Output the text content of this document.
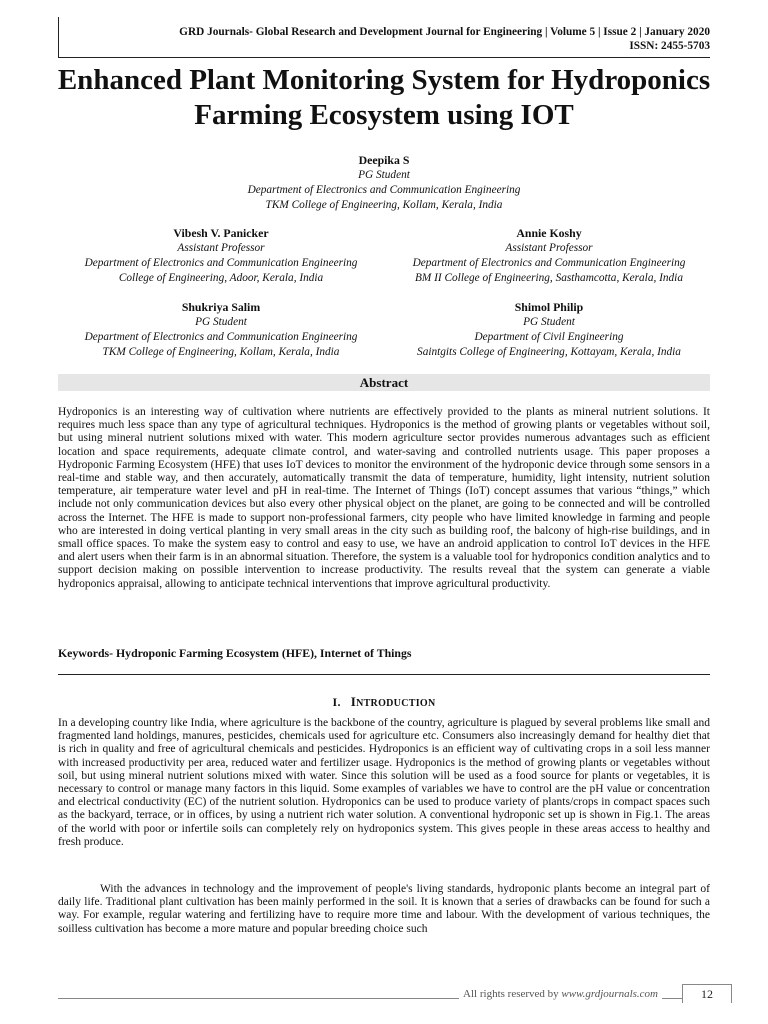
GRD Journals- Global Research and Development Journal for Engineering | Volume 5 | Issue 2 | January 2020
ISSN: 2455-5703
Enhanced Plant Monitoring System for Hydroponics Farming Ecosystem using IOT
Deepika S
PG Student
Department of Electronics and Communication Engineering
TKM College of Engineering, Kollam, Kerala, India
Vibesh V. Panicker
Assistant Professor
Department of Electronics and Communication Engineering
College of Engineering, Adoor, Kerala, India
Annie Koshy
Assistant Professor
Department of Electronics and Communication Engineering
BM II College of Engineering, Sasthamcotta, Kerala, India
Shukriya Salim
PG Student
Department of Electronics and Communication Engineering
TKM College of Engineering, Kollam, Kerala, India
Shimol Philip
PG Student
Department of Civil Engineering
Saintgits College of Engineering, Kottayam, Kerala, India
Abstract
Hydroponics is an interesting way of cultivation where nutrients are effectively provided to the plants as mineral nutrient solutions. It requires much less space than any type of agricultural techniques. Hydroponics is the method of growing plants or vegetables without soil, but using mineral nutrient solutions mixed with water. This modern agriculture sector provides numerous advantages such as efficient location and space requirements, adequate climate control, and water-saving and controlled nutrients usage. This paper proposes a Hydroponic Farming Ecosystem (HFE) that uses IoT devices to monitor the environment of the hydroponic device through some sensors in a real-time and stable way, and then accurately, automatically transmit the data of temperature, humidity, light intensity, nutrient solution temperature, air temperature water level and pH in real-time. The Internet of Things (IoT) concept assumes that various “things,” which include not only communication devices but also every other physical object on the planet, are going to be connected and will be controlled across the Internet. The HFE is made to support non-professional farmers, city people who have limited knowledge in farming and people who are interested in doing vertical planting in very small areas in the city such as building roof, the balcony of high-rise buildings, and in small office spaces. To make the system easy to control and easy to use, we have an android application to control IoT devices in the HFE and alert users when their farm is in an abnormal situation. Therefore, the system is a valuable tool for hydroponics condition analytics and to support decision making on possible intervention to increase productivity. The results reveal that the system can generate a viable hydroponics appraisal, allowing to anticipate technical interventions that improve agricultural productivity.
Keywords- Hydroponic Farming Ecosystem (HFE), Internet of Things
I. INTRODUCTION
In a developing country like India, where agriculture is the backbone of the country, agriculture is plagued by several problems like small and fragmented land holdings, manures, pesticides, chemicals used for agriculture etc. Consumers also increasingly demand for healthy diet that is rich in quality and free of agricultural chemicals and pesticides. Hydroponics is an efficient way of cultivating crops in a soil less manner with increased productivity per area, reduced water and fertilizer usage. Hydroponics is the method of growing plants or vegetables without soil, but using mineral nutrient solutions mixed with water. Since this solution will be used as a food source for plants or vegetables, it is necessary to control or manage many factors in this liquid. Some examples of variables we have to control are the pH value or concentration and electrical conductivity (EC) of the nutrient solution. Hydroponics can be used to produce variety of plants/crops in compact spaces such as the backyard, terrace, or in offices, by using a nutrient rich water solution. A conventional hydroponic set up is shown in Fig.1. The areas of the world with poor or infertile soils can completely rely on hydroponics system. This gives people in these areas access to healthy and fresh produce.
With the advances in technology and the improvement of people's living standards, hydroponic plants become an integral part of daily life. Traditional plant cultivation has been mainly performed in the soil. It is known that a series of drawbacks can be found for such a way. For example, regular watering and fertilizing have to require more time and labour. With the development of various techniques, the soilless cultivation has become a more mature and popular breeding choice such
All rights reserved by www.grdjournals.com	12
